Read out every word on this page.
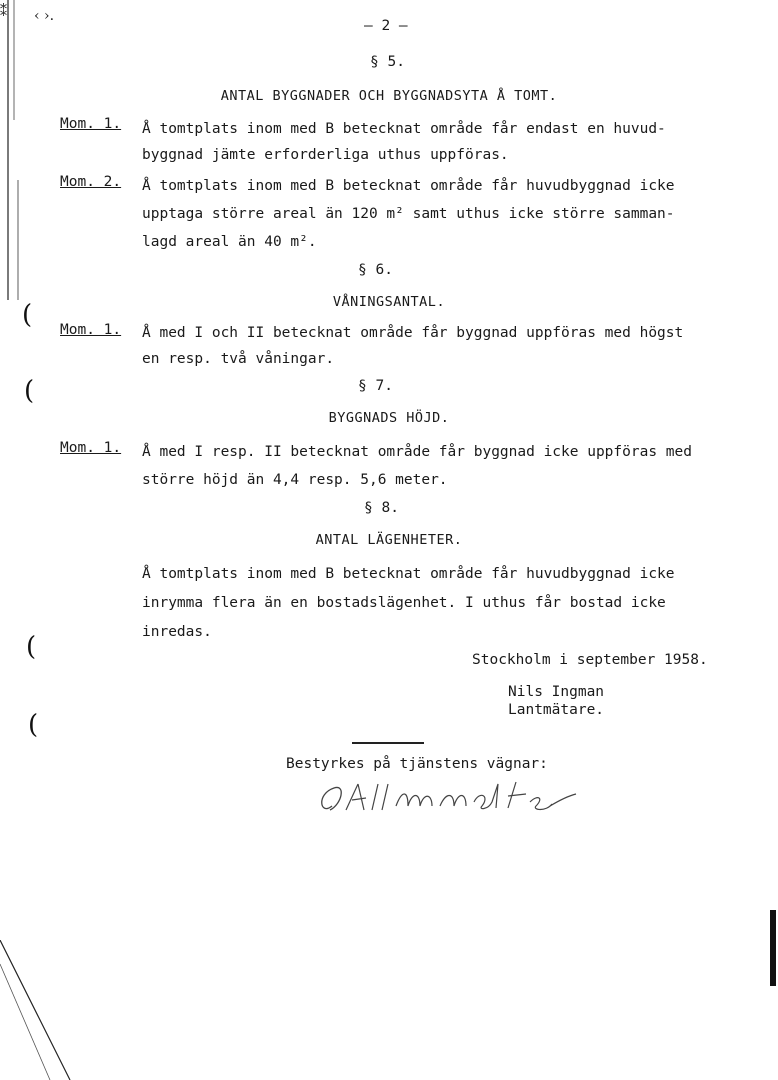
⁑ ‹ ›.
(
(
(
(
– 2 –
§ 5.
ANTAL BYGGNADER OCH BYGGNADSYTA Å TOMT.
Mom. 1. Å tomtplats inom med B betecknat område får endast en huvud-
byggnad jämte erforderliga uthus uppföras.
Mom. 2. Å tomtplats inom med B betecknat område får huvudbyggnad icke
upptaga större areal än 120 m² samt uthus icke större samman-
lagd areal än 40 m².
§ 6.
VÅNINGSANTAL.
Mom. 1. Å med I och II betecknat område får byggnad uppföras med högst
en resp. två våningar.
§ 7.
BYGGNADS HÖJD.
Mom. 1. Å med I resp. II betecknat område får byggnad icke uppföras med
större höjd än 4,4 resp. 5,6 meter.
§ 8.
ANTAL LÄGENHETER.
Å tomtplats inom med B betecknat område får huvudbyggnad icke
inrymma flera än en bostadslägenhet. I uthus får bostad icke
inredas.
Stockholm i september 1958.
Nils Ingman
Lantmätare.
Bestyrkes på tjänstens vägnar:
